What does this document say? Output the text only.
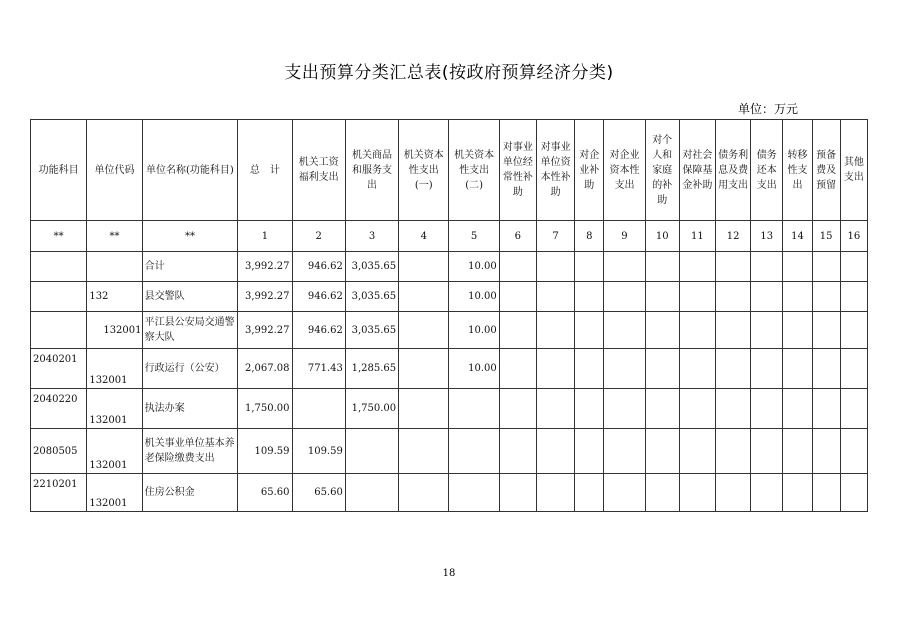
支出预算分类汇总表(按政府预算经济分类)
单位：万元
功能科目	单位代码	单位名称(功能科目)	总　计	机关工资福利支出	机关商品和服务支出	机关资本性支出(一)	机关资本性支出(二)	对事业单位经常性补助	对事业单位资本性补助	对企业补助	对企业资本性支出	对个人和家庭的补助	对社会保障基金补助	债务利息及费用支出	债务还本支出	转移性支出	预备费及预留	其他支出
**	**	**	1	2	3	4	5	6	7	8	9	10	11	12	13	14	15	16
		合计	3,992.27	946.62	3,035.65		10.00											
	132	县交警队	3,992.27	946.62	3,035.65		10.00											
	132001	平江县公安局交通警察大队	3,992.27	946.62	3,035.65		10.00											
2040201	132001	行政运行（公安）	2,067.08	771.43	1,285.65		10.00											
2040220	132001	执法办案	1,750.00		1,750.00													
2080505	132001	机关事业单位基本养老保险缴费支出	109.59	109.59														
2210201	132001	住房公积金	65.60	65.60														
18
